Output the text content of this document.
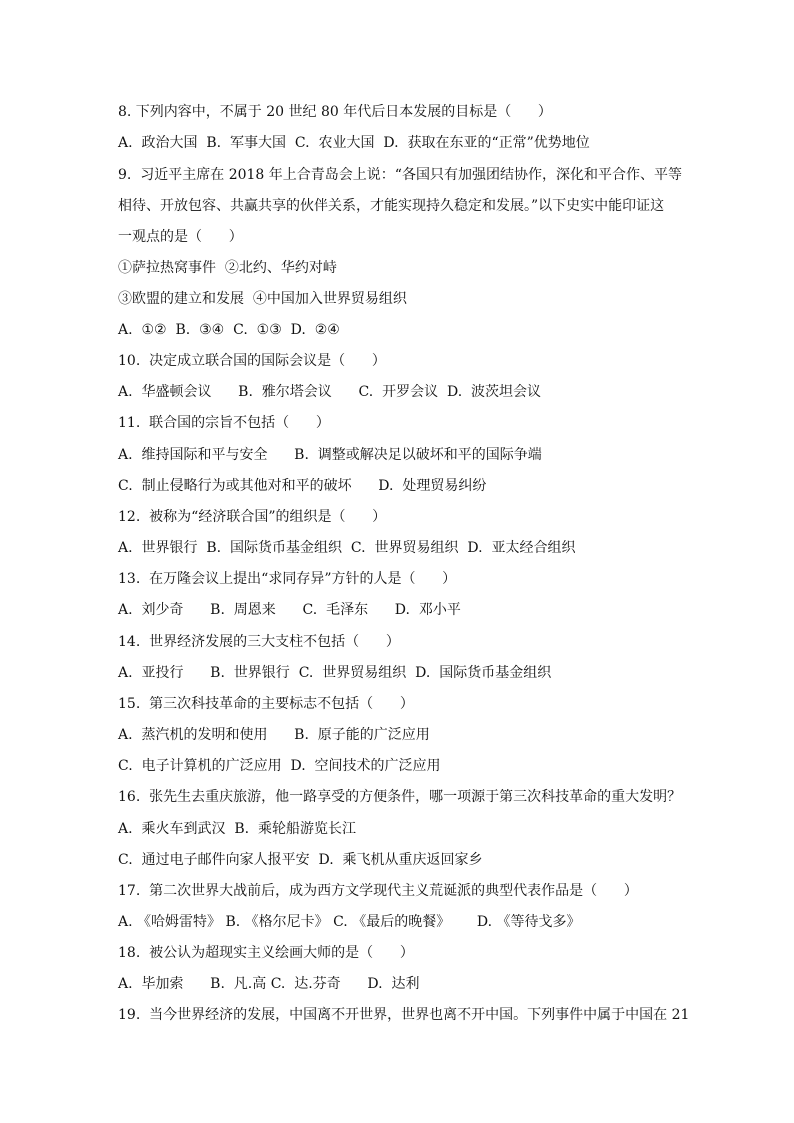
8. 下列内容中，不属于 20 世纪 80 年代后日本发展的目标是（      ）
A.  政治大国  B.  军事大国  C.  农业大国  D.  获取在东亚的“正常”优势地位
9.  习近平主席在 2018 年上合青岛会上说：“各国只有加强团结协作，深化和平合作、平等
相待、开放包容、共赢共享的伙伴关系，才能实现持久稳定和发展。”以下史实中能印证这
一观点的是（      ）
①萨拉热窝事件  ②北约、华约对峙
③欧盟的建立和发展  ④中国加入世界贸易组织
A.  ①②  B.  ③④  C.  ①③  D.  ②④
10.  决定成立联合国的国际会议是（      ）
A.  华盛顿会议      B.  雅尔塔会议      C.  开罗会议  D.  波茨坦会议
11.  联合国的宗旨不包括（      ）
A.  维持国际和平与安全      B.  调整或解决足以破坏和平的国际争端
C.  制止侵略行为或其他对和平的破坏      D.  处理贸易纠纷
12.  被称为“经济联合国”的组织是（      ）
A.  世界银行  B.  国际货币基金组织  C.  世界贸易组织  D.  亚太经合组织
13.  在万隆会议上提出“求同存异”方针的人是（      ）
A.  刘少奇      B.  周恩来      C.  毛泽东      D.  邓小平
14.  世界经济发展的三大支柱不包括（      ）
A.  亚投行      B.  世界银行  C.  世界贸易组织  D.  国际货币基金组织
15.  第三次科技革命的主要标志不包括（      ）
A.  蒸汽机的发明和使用      B.  原子能的广泛应用
C.  电子计算机的广泛应用  D.  空间技术的广泛应用
16.  张先生去重庆旅游，他一路享受的方便条件，哪一项源于第三次科技革命的重大发明？
A.  乘火车到武汉  B.  乘轮船游览长江
C.  通过电子邮件向家人报平安  D.  乘飞机从重庆返回家乡
17.  第二次世界大战前后，成为西方文学现代主义荒诞派的典型代表作品是（      ）
A. 《哈姆雷特》 B. 《格尔尼卡》 C. 《最后的晚餐》      D. 《等待戈多》
18.  被公认为超现实主义绘画大师的是（      ）
A.  毕加索      B.  凡.高 C.  达.芬奇      D.  达利
19.  当今世界经济的发展，中国离不开世界，世界也离不开中国。下列事件中属于中国在 21
